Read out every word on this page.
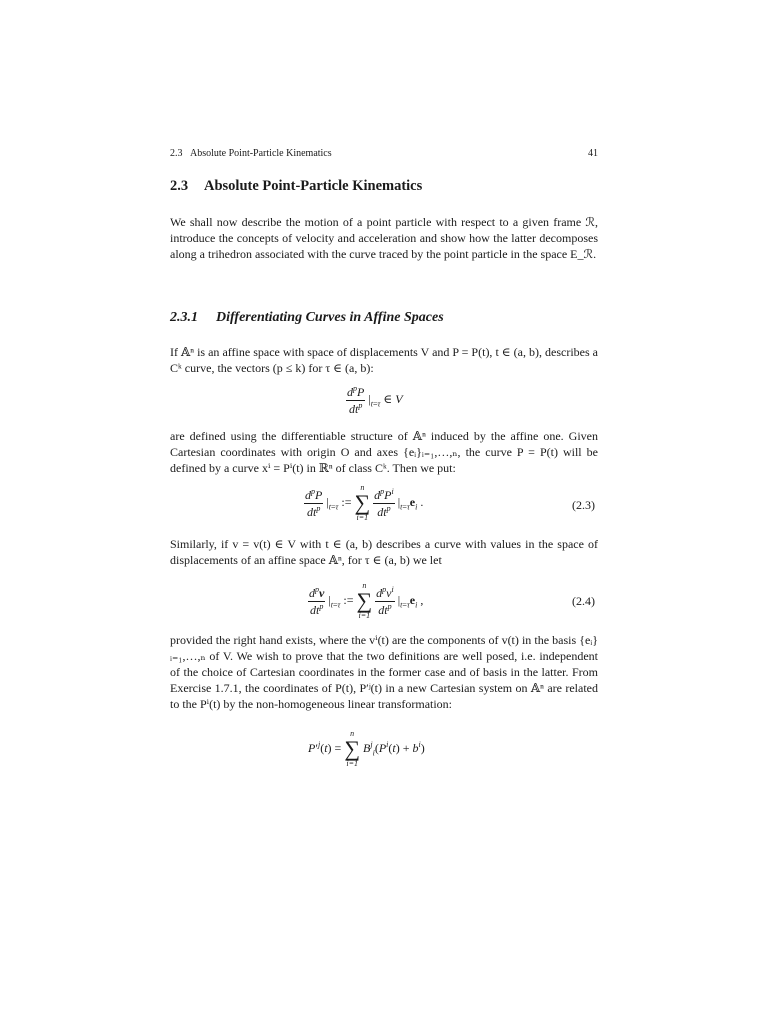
2.3 Absolute Point-Particle Kinematics	41
2.3 Absolute Point-Particle Kinematics
We shall now describe the motion of a point particle with respect to a given frame ℛ, introduce the concepts of velocity and acceleration and show how the latter decomposes along a trihedron associated with the curve traced by the point particle in the space E_ℛ.
2.3.1 Differentiating Curves in Affine Spaces
If 𝔸ⁿ is an affine space with space of displacements V and P = P(t), t ∈ (a, b), describes a Cᵏ curve, the vectors (p ≤ k) for τ ∈ (a, b):
$\frac{d^pP}{dt^p} |_{t=\tau}$ ∈ V
are defined using the differentiable structure of 𝔸ⁿ induced by the affine one. Given Cartesian coordinates with origin O and axes {eᵢ}ᵢ₌₁,…,ₙ, the curve P = P(t) will be defined by a curve xⁱ = Pⁱ(t) in ℝⁿ of class Cᵏ. Then we put:
$\frac{d^pP}{dt^p} |_{t=\tau}$ :=
n
∑
i=1
$\frac{d^pP^i}{dt^p} |_{t=\tau}e_i$ .	(2.3)
Similarly, if v = v(t) ∈ V with t ∈ (a, b) describes a curve with values in the space of displacements of an affine space 𝔸ⁿ, for τ ∈ (a, b) we let
$\frac{d^pv}{dt^p} |_{t=\tau}$ :=
n
∑
i=1
$\frac{d^pv^i}{dt^p} |_{t=\tau}e_i$ ,	(2.4)
provided the right hand exists, where the vⁱ(t) are the components of v(t) in the basis {eᵢ}ᵢ₌₁,…,ₙ of V. We wish to prove that the two definitions are well posed, i.e. independent of the choice of Cartesian coordinates in the former case and of basis in the latter. From Exercise 1.7.1, the coordinates of P(t), P′ʲ(t) in a new Cartesian system on 𝔸ⁿ are related to the Pⁱ(t) by the non-homogeneous linear transformation:
$P'^j(t)$ =
n
∑
i=1
$B^j_i(P^i(t) + b^i)$
